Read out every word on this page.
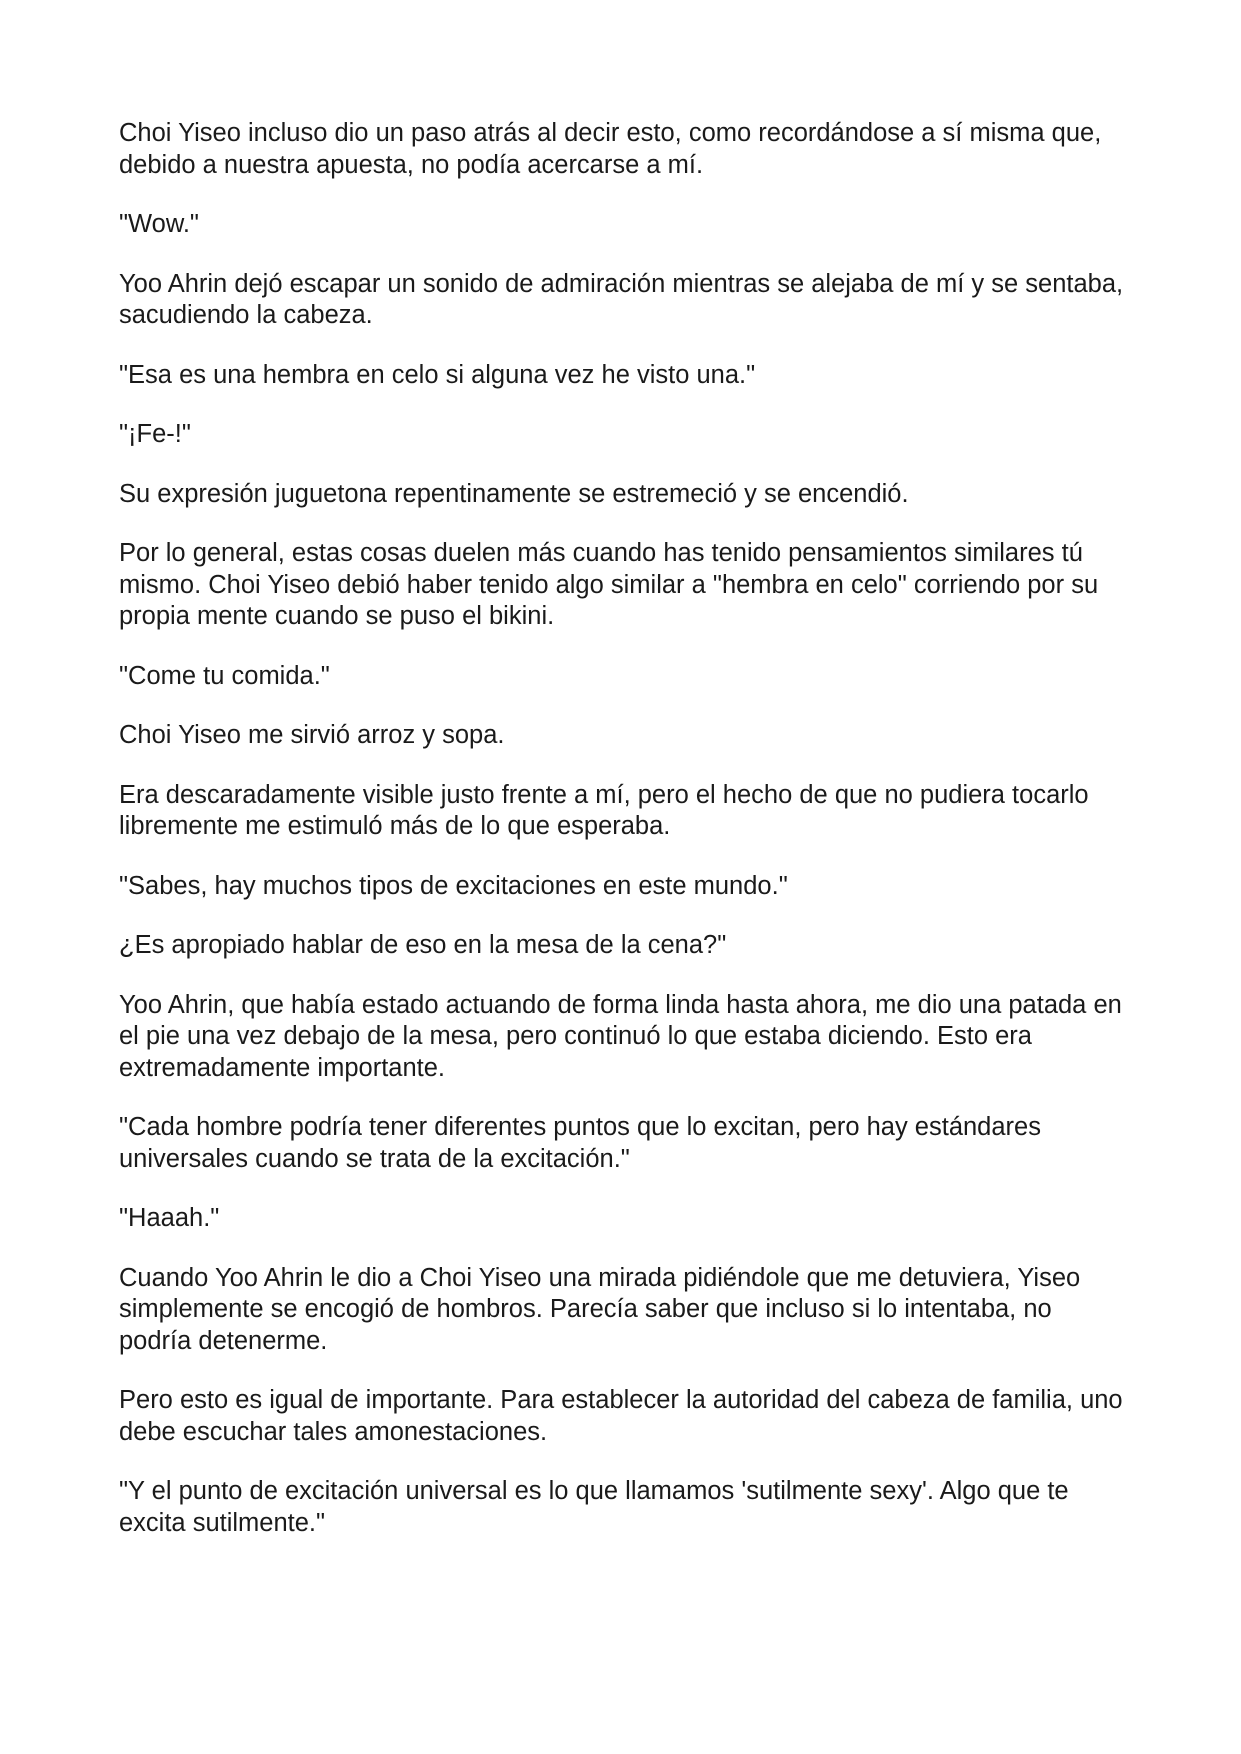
Choi Yiseo incluso dio un paso atrás al decir esto, como recordándose a sí misma que, debido a nuestra apuesta, no podía acercarse a mí.

"Wow."

Yoo Ahrin dejó escapar un sonido de admiración mientras se alejaba de mí y se sentaba, sacudiendo la cabeza.

"Esa es una hembra en celo si alguna vez he visto una."

"¡Fe-!"

Su expresión juguetona repentinamente se estremeció y se encendió.

Por lo general, estas cosas duelen más cuando has tenido pensamientos similares tú mismo. Choi Yiseo debió haber tenido algo similar a "hembra en celo" corriendo por su propia mente cuando se puso el bikini.

"Come tu comida."

Choi Yiseo me sirvió arroz y sopa.

Era descaradamente visible justo frente a mí, pero el hecho de que no pudiera tocarlo libremente me estimuló más de lo que esperaba.

"Sabes, hay muchos tipos de excitaciones en este mundo."

¿Es apropiado hablar de eso en la mesa de la cena?"

Yoo Ahrin, que había estado actuando de forma linda hasta ahora, me dio una patada en el pie una vez debajo de la mesa, pero continuó lo que estaba diciendo. Esto era extremadamente importante.

"Cada hombre podría tener diferentes puntos que lo excitan, pero hay estándares universales cuando se trata de la excitación."

"Haaah."

Cuando Yoo Ahrin le dio a Choi Yiseo una mirada pidiéndole que me detuviera, Yiseo simplemente se encogió de hombros. Parecía saber que incluso si lo intentaba, no podría detenerme.

Pero esto es igual de importante. Para establecer la autoridad del cabeza de familia, uno debe escuchar tales amonestaciones.

"Y el punto de excitación universal es lo que llamamos 'sutilmente sexy'. Algo que te excita sutilmente."
